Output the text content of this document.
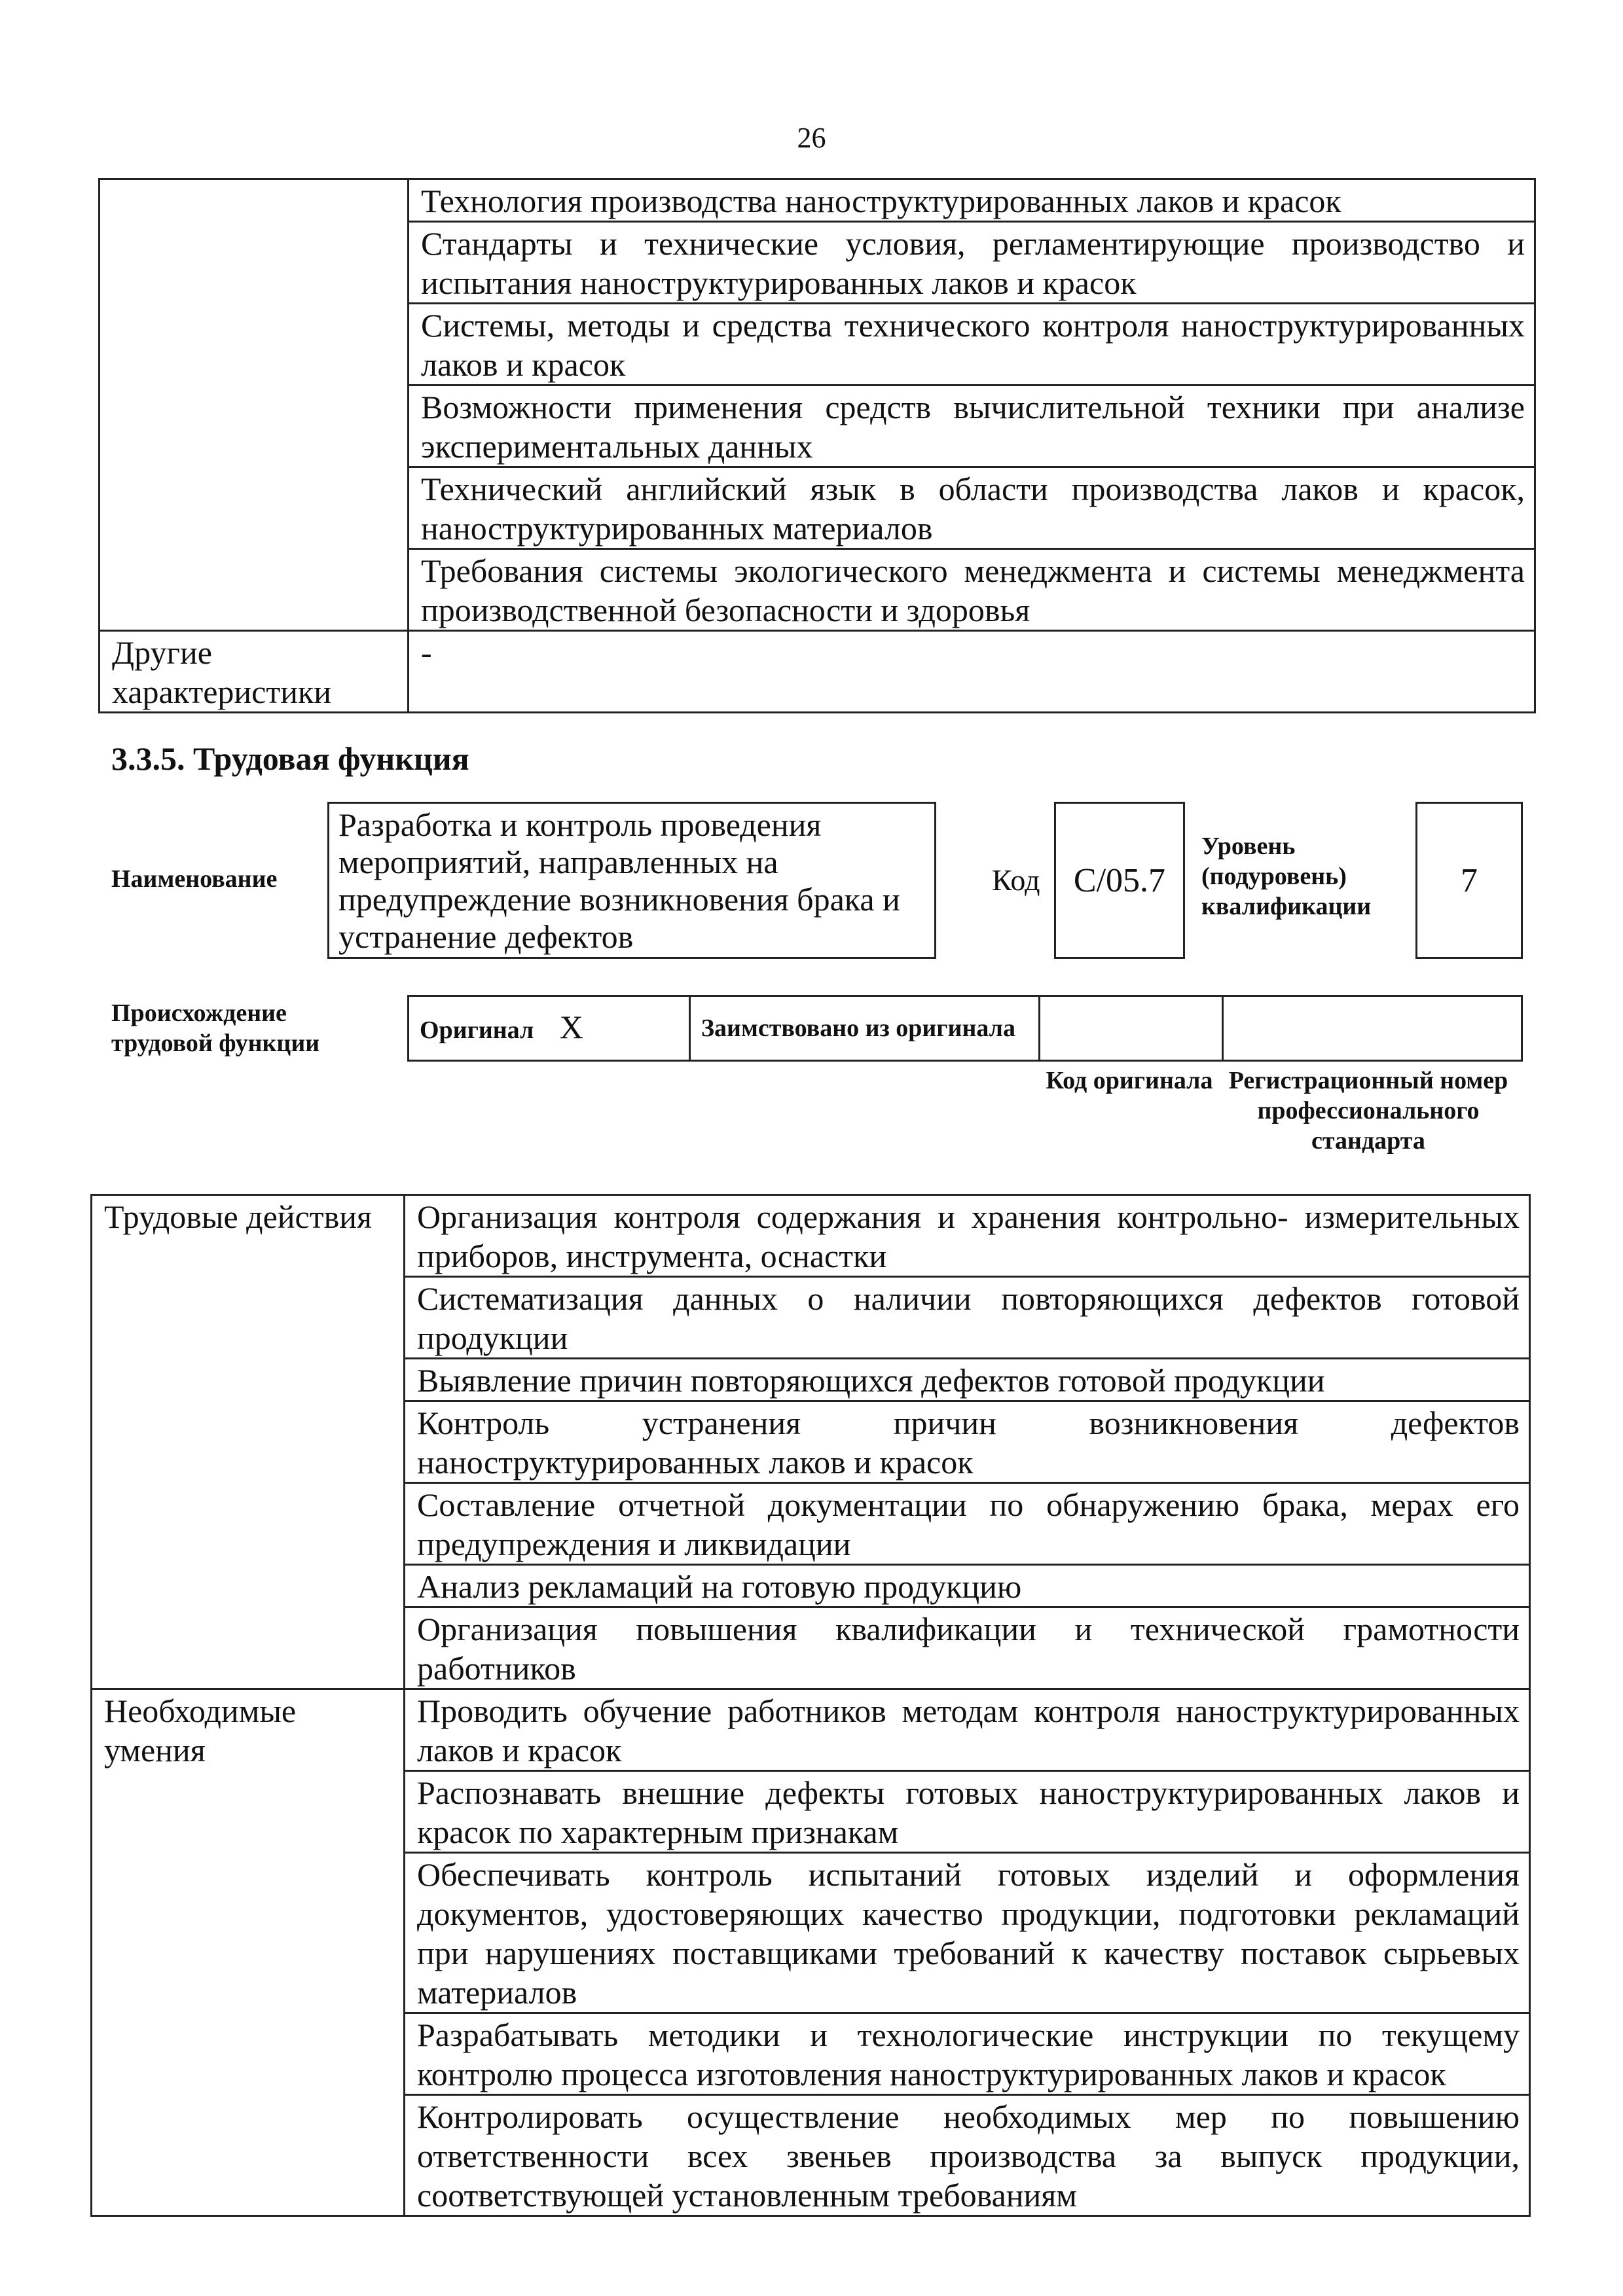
26
	Технология производства наноструктурированных лаков и красок
	Стандарты и технические условия, регламентирующие производство и испытания наноструктурированных лаков и красок
	Системы, методы и средства технического контроля наноструктурированных лаков и красок
	Возможности применения средств вычислительной техники при анализе экспериментальных данных
	Технический английский язык в области производства лаков и красок, наноструктурированных материалов
	Требования системы экологического менеджмента и системы менеджмента производственной безопасности и здоровья
Другие характеристики	-
3.3.5. Трудовая функция
Наименование
Разработка и контроль проведения мероприятий, направленных на предупреждение возникновения брака и устранение дефектов
Код C/05.7
Уровень (подуровень) квалификации
7
Происхождение трудовой функции	Оригинал X	Заимствовано из оригинала		
Код оригинала Регистрационный номер профессионального стандарта
Трудовые действия	Организация контроля содержания и хранения контрольно- измерительных приборов, инструмента, оснастки
	Систематизация данных о наличии повторяющихся дефектов готовой продукции
	Выявление причин повторяющихся дефектов готовой продукции
	Контроль устранения причин возникновения дефектов наноструктурированных лаков и красок
	Составление отчетной документации по обнаружению брака, мерах его предупреждения и ликвидации
	Анализ рекламаций на готовую продукцию
	Организация повышения квалификации и технической грамотности работников
Необходимые умения	Проводить обучение работников методам контроля наноструктурированных лаков и красок
	Распознавать внешние дефекты готовых наноструктурированных лаков и красок по характерным признакам
	Обеспечивать контроль испытаний готовых изделий и оформления документов, удостоверяющих качество продукции, подготовки рекламаций при нарушениях поставщиками требований к качеству поставок сырьевых материалов
	Разрабатывать методики и технологические инструкции по текущему контролю процесса изготовления наноструктурированных лаков и красок
	Контролировать осуществление необходимых мер по повышению ответственности всех звеньев производства за выпуск продукции, соответствующей установленным требованиям
